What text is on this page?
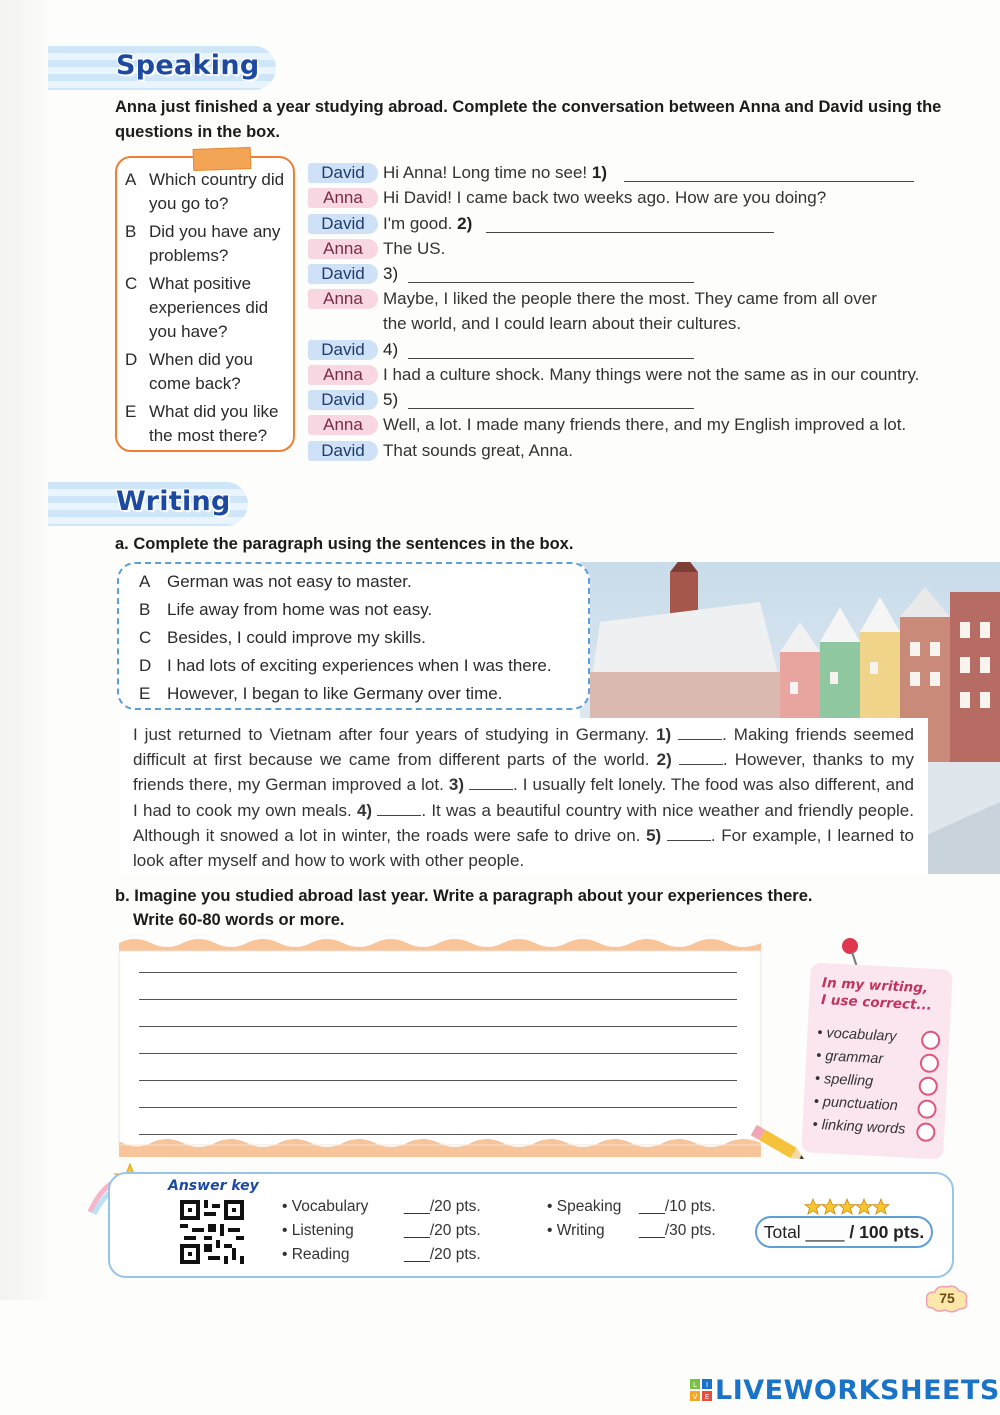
Speaking
Anna just finished a year studying abroad. Complete the conversation between Anna and David using the questions in the box.
A Which country did you go to?
B Did you have any problems?
C What positive experiences did you have?
D When did you come back?
E What did you like the most there?
David	Hi Anna! Long time no see! 1)
Anna	Hi David! I came back two weeks ago. How are you doing?
David	I'm good. 2)
Anna	The US.
David	3)
Anna	Maybe, I liked the people there the most. They came from all over
the world, and I could learn about their cultures.
David	4)
Anna	I had a culture shock. Many things were not the same as in our country.
David	5)
Anna	Well, a lot. I made many friends there, and my English improved a lot.
David	That sounds great, Anna.
Writing
a. Complete the paragraph using the sentences in the box.
A German was not easy to master.
B Life away from home was not easy.
C Besides, I could improve my skills.
D I had lots of exciting experiences when I was there.
E However, I began to like Germany over time.
I just returned to Vietnam after four years of studying in Germany. 1)	. Making friends seemed difficult at first because we came from different parts of the world. 2)	. However, thanks to my friends there, my German improved a lot. 3)	. I usually felt lonely. The food was also different, and I had to cook my own meals. 4)	. It was a beautiful country with nice weather and friendly people. Although it snowed a lot in winter, the roads were safe to drive on. 5)	. For example, I learned to look after myself and how to work with other people.
b. Imagine you studied abroad last year. Write a paragraph about your experiences there.
Write 60-80 words or more.
In my writing,
I use correct...
• vocabulary
• grammar
• spelling
• punctuation
• linking words
Answer key
• Vocabulary ___/20 pts.
• Listening	___/20 pts.
• Reading	___/20 pts.
• Speaking ___/10 pts.
• Writing ___/30 pts.	Total ____ / 100 pts.
75
L I
V E LIVEWORKSHEETS
